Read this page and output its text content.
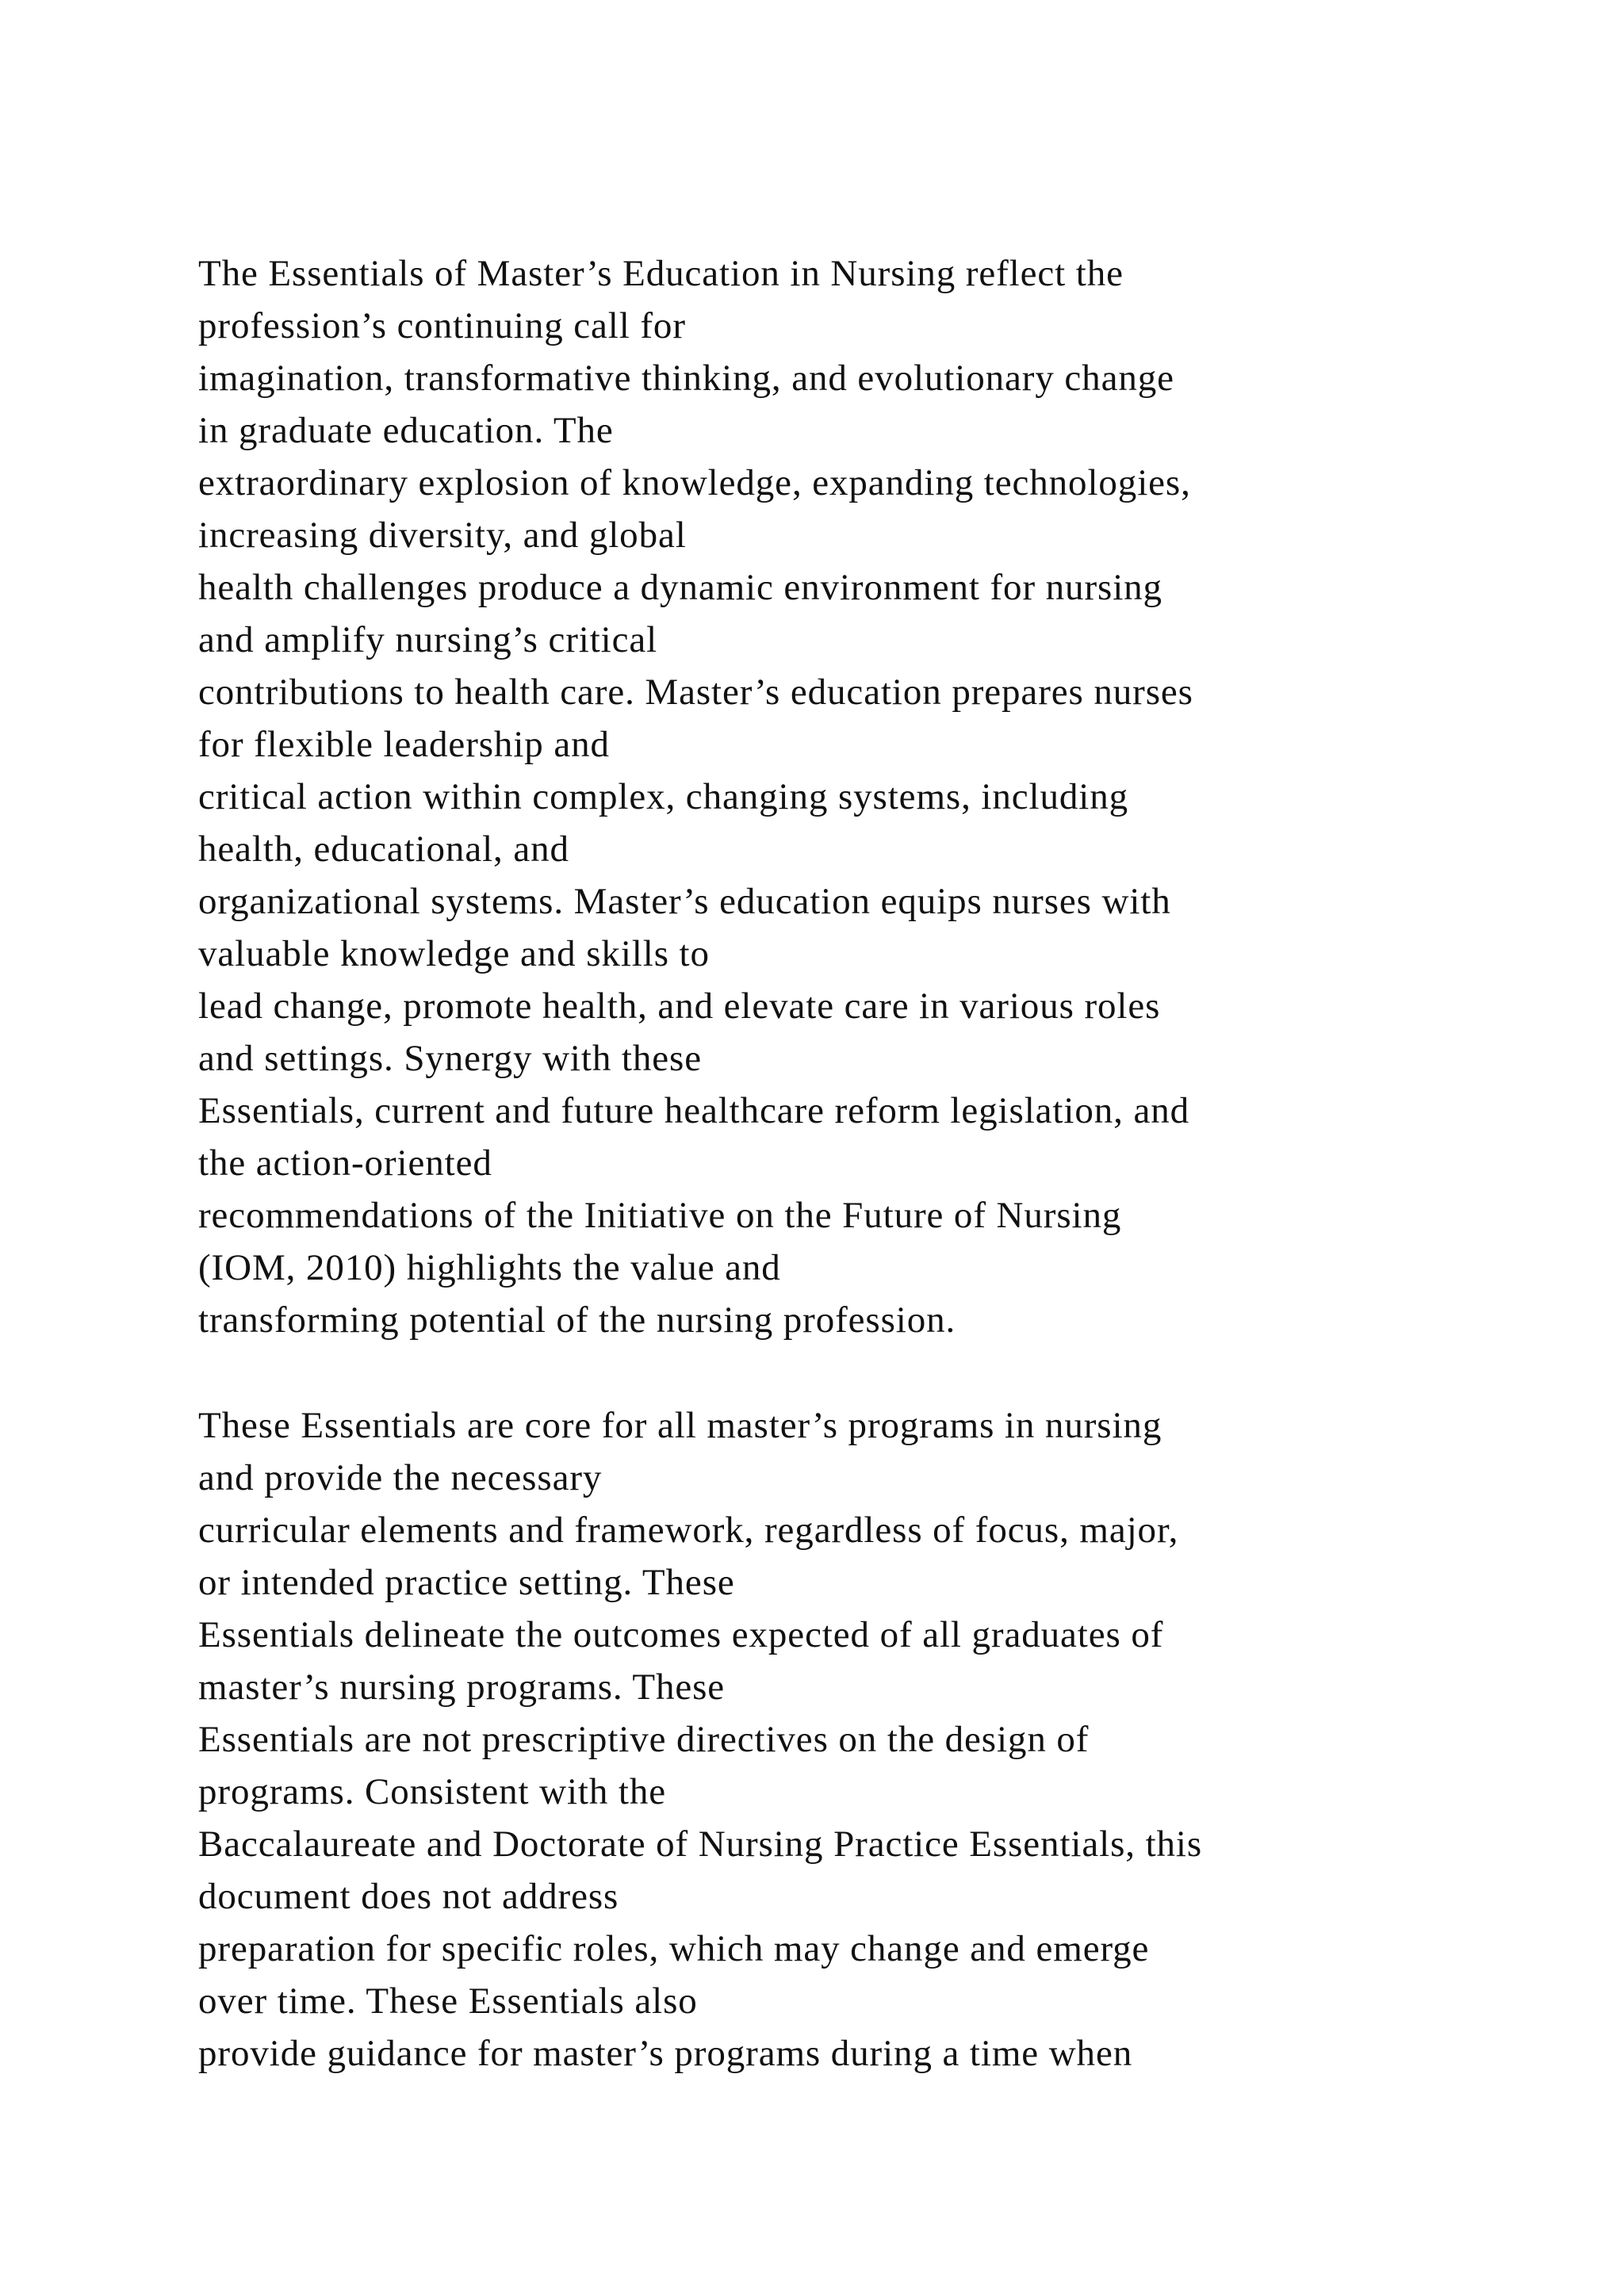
The Essentials of Master’s Education in Nursing reflect the
profession’s continuing call for
imagination, transformative thinking, and evolutionary change
in graduate education. The
extraordinary explosion of knowledge, expanding technologies,
increasing diversity, and global
health challenges produce a dynamic environment for nursing
and amplify nursing’s critical
contributions to health care. Master’s education prepares nurses
for flexible leadership and
critical action within complex, changing systems, including
health, educational, and
organizational systems. Master’s education equips nurses with
valuable knowledge and skills to
lead change, promote health, and elevate care in various roles
and settings. Synergy with these
Essentials, current and future healthcare reform legislation, and
the action-oriented
recommendations of the Initiative on the Future of Nursing
(IOM, 2010) highlights the value and
transforming potential of the nursing profession.
These Essentials are core for all master’s programs in nursing
and provide the necessary
curricular elements and framework, regardless of focus, major,
or intended practice setting. These
Essentials delineate the outcomes expected of all graduates of
master’s nursing programs. These
Essentials are not prescriptive directives on the design of
programs. Consistent with the
Baccalaureate and Doctorate of Nursing Practice Essentials, this
document does not address
preparation for specific roles, which may change and emerge
over time. These Essentials also
provide guidance for master’s programs during a time when
